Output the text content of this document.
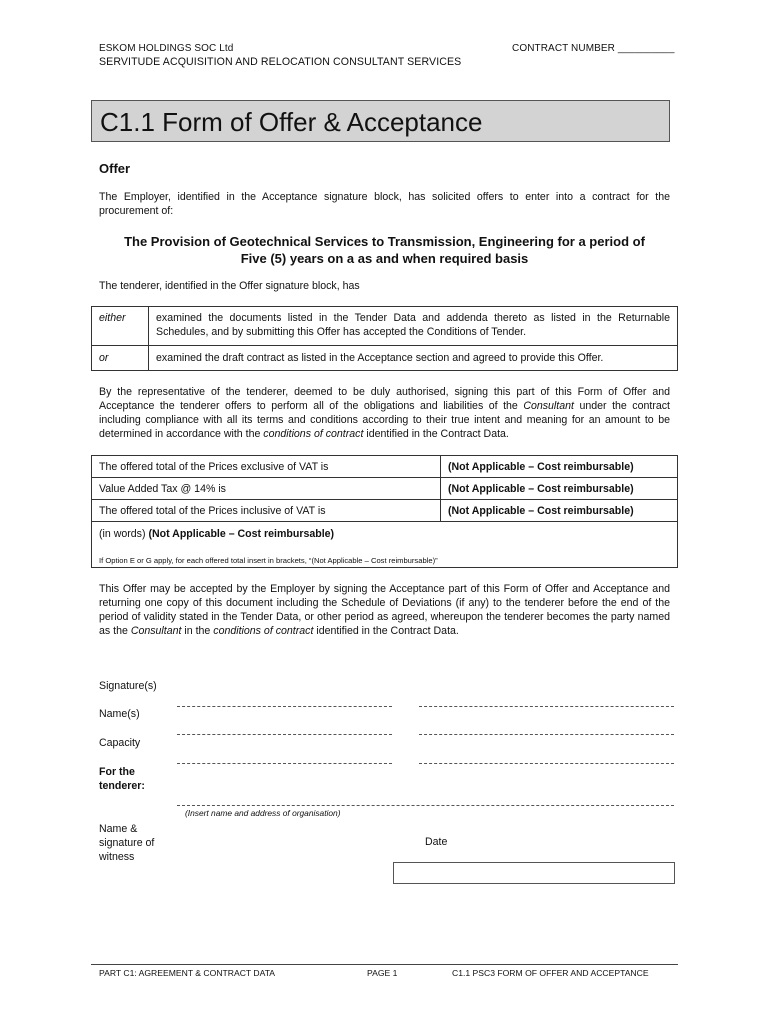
ESKOM HOLDINGS SOC Ltd	CONTRACT NUMBER __________
SERVITUDE ACQUISITION AND RELOCATION CONSULTANT SERVICES
C1.1 Form of Offer & Acceptance
Offer
The Employer, identified in the Acceptance signature block, has solicited offers to enter into a contract for the procurement of:
The Provision of Geotechnical Services to Transmission, Engineering for a period of
Five (5) years on a as and when required basis
The tenderer, identified in the Offer signature block, has
either	examined the documents listed in the Tender Data and addenda thereto as listed in the Returnable Schedules, and by submitting this Offer has accepted the Conditions of Tender.
or	examined the draft contract as listed in the Acceptance section and agreed to provide this Offer.
By the representative of the tenderer, deemed to be duly authorised, signing this part of this Form of Offer and Acceptance the tenderer offers to perform all of the obligations and liabilities of the Consultant under the contract including compliance with all its terms and conditions according to their true intent and meaning for an amount to be determined in accordance with the conditions of contract identified in the Contract Data.
The offered total of the Prices exclusive of VAT is	(Not Applicable – Cost reimbursable)
Value Added Tax @ 14% is	(Not Applicable – Cost reimbursable)
The offered total of the Prices inclusive of VAT is	(Not Applicable – Cost reimbursable)
(in words) (Not Applicable – Cost reimbursable)	
If Option E or G apply, for each offered total insert in brackets, “(Not Applicable – Cost reimbursable)”
This Offer may be accepted by the Employer by signing the Acceptance part of this Form of Offer and Acceptance and returning one copy of this document including the Schedule of Deviations (if any) to the tenderer before the end of the period of validity stated in the Tender Data, or other period as agreed, whereupon the tenderer becomes the party named as the Consultant in the conditions of contract identified in the Contract Data.
Signature(s)
Name(s)
Capacity
For the
tenderer:
(Insert name and address of organisation)
Name &
signature of
witness
Date
PART C1: AGREEMENT & CONTRACT DATA	PAGE 1	C1.1 PSC3 FORM OF OFFER AND ACCEPTANCE
